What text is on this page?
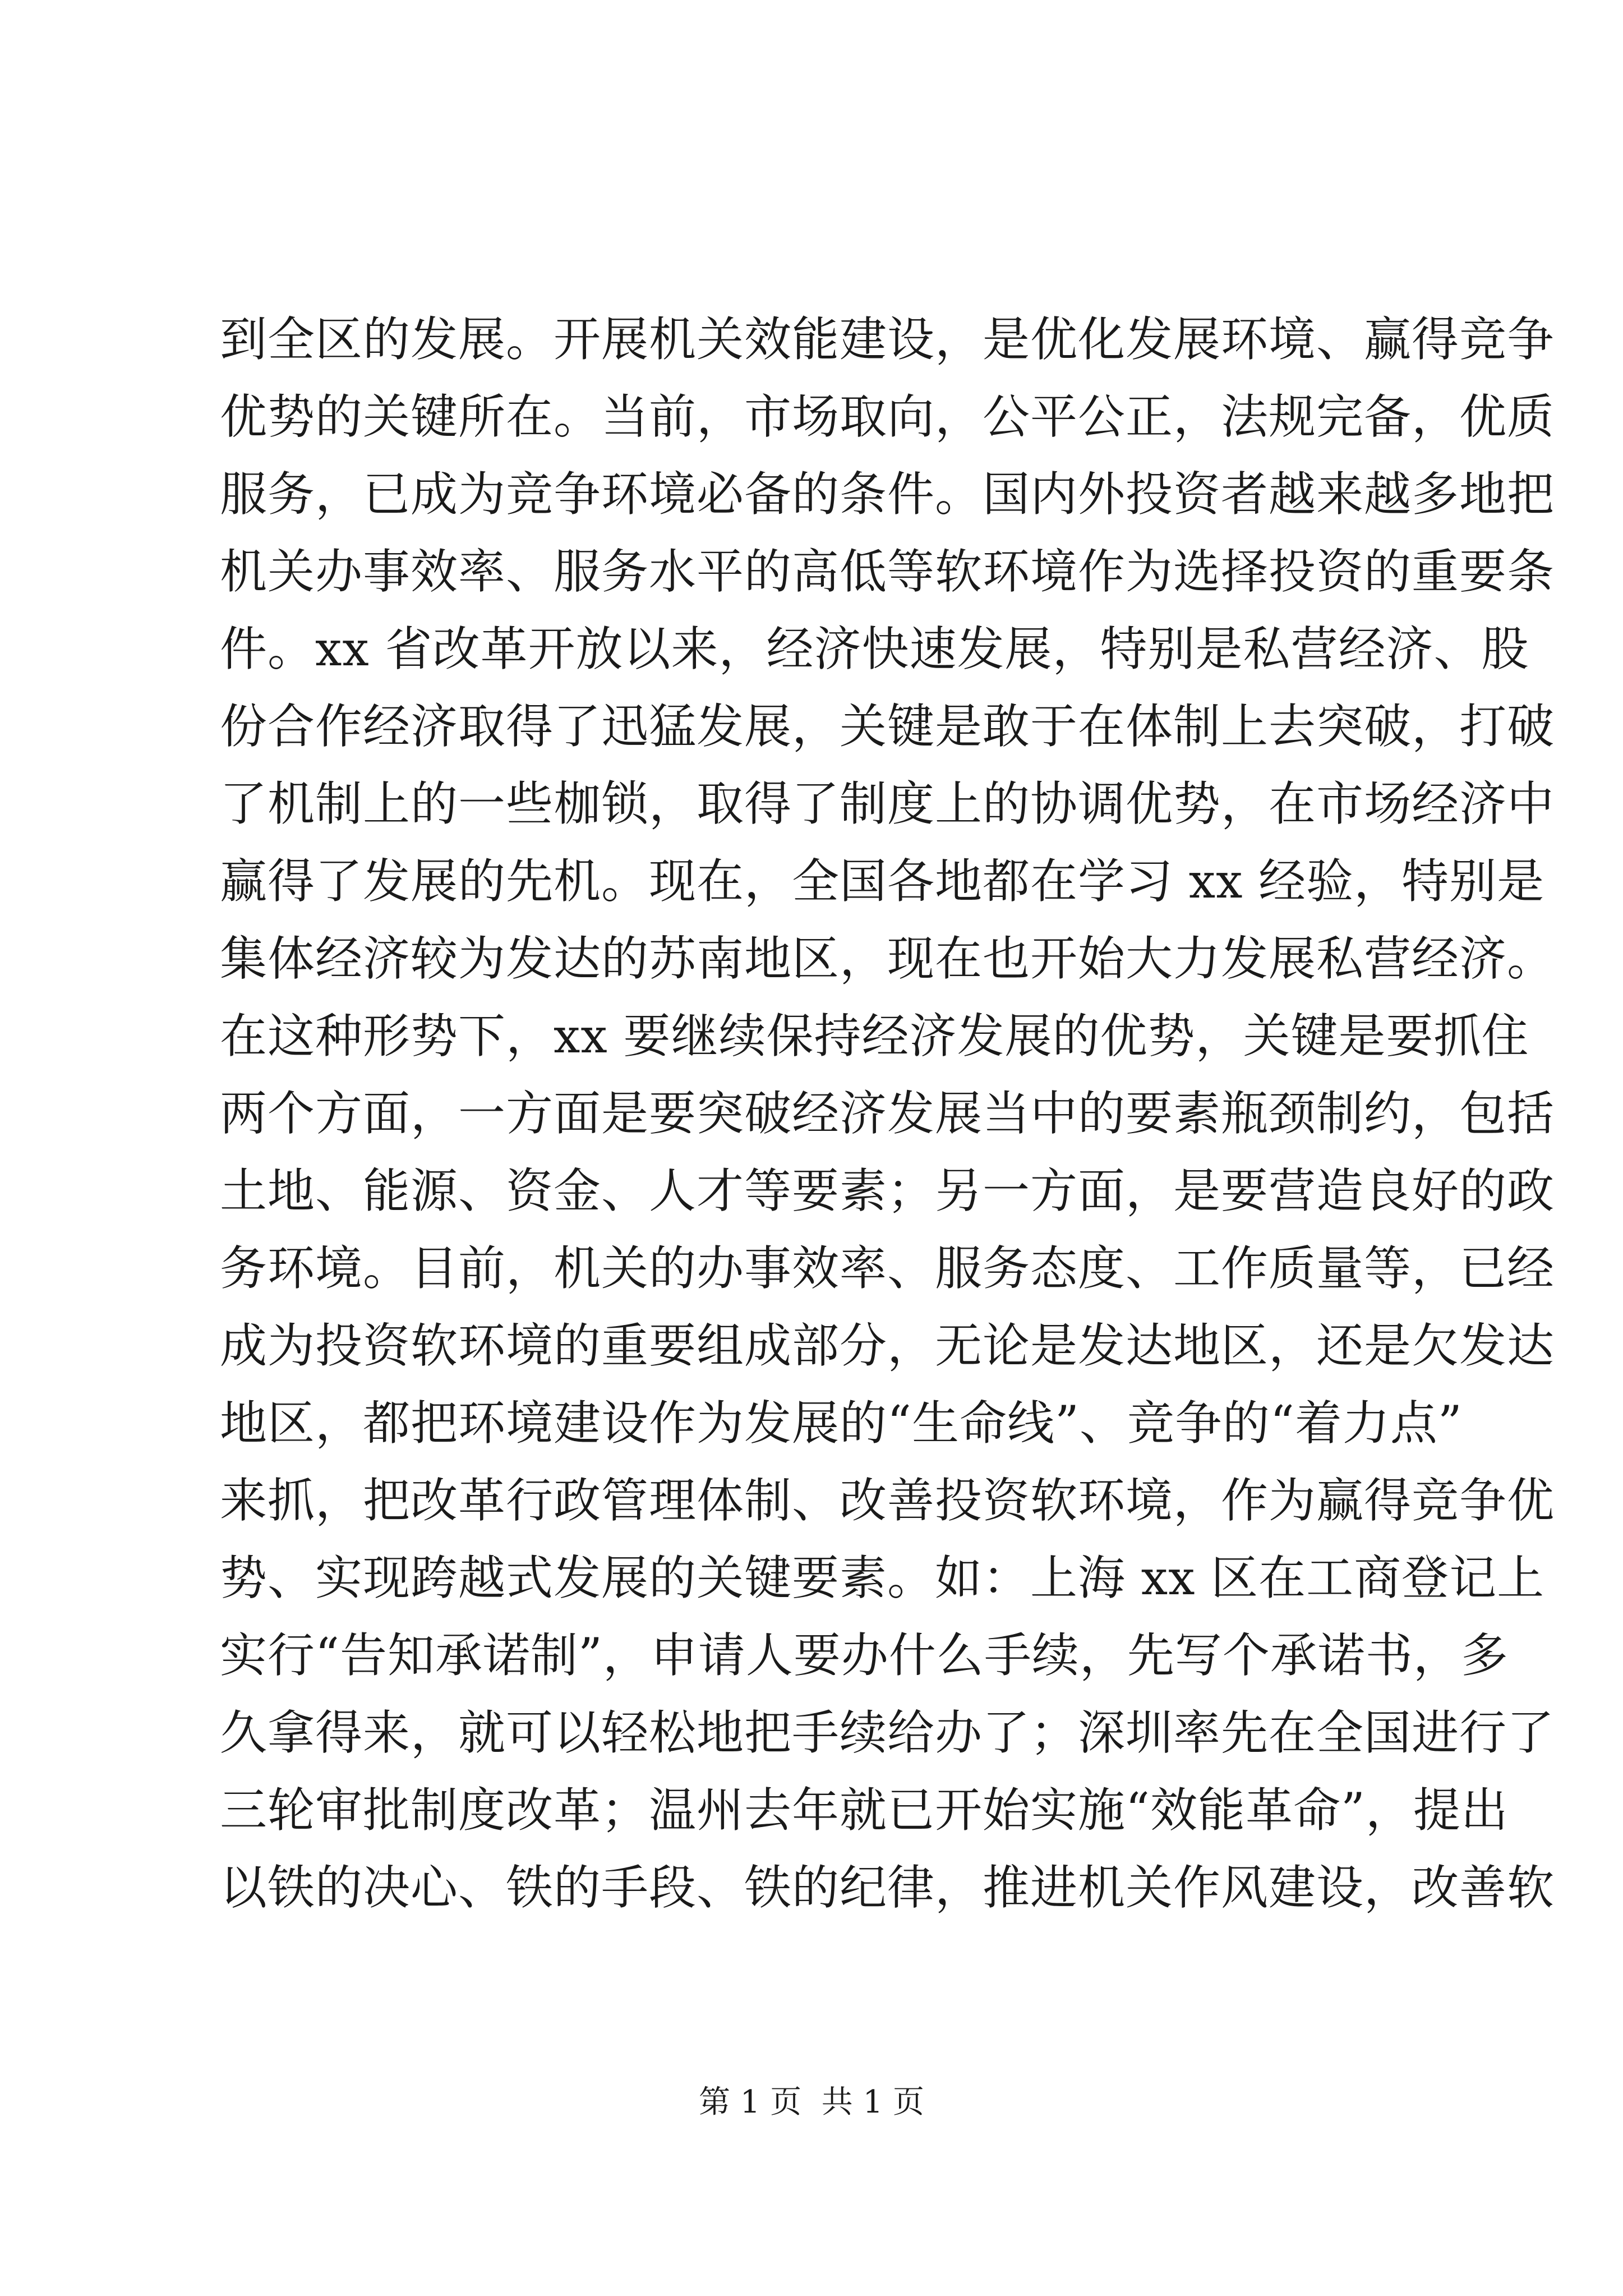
到全区的发展。开展机关效能建设，是优化发展环境、赢得竞争
优势的关键所在。当前，市场取向，公平公正，法规完备，优质
服务，已成为竞争环境必备的条件。国内外投资者越来越多地把
机关办事效率、服务水平的高低等软环境作为选择投资的重要条
件。xx 省改革开放以来，经济快速发展，特别是私营经济、股
份合作经济取得了迅猛发展，关键是敢于在体制上去突破，打破
了机制上的一些枷锁，取得了制度上的协调优势，在市场经济中
赢得了发展的先机。现在，全国各地都在学习 xx 经验，特别是
集体经济较为发达的苏南地区，现在也开始大力发展私营经济。
在这种形势下，xx 要继续保持经济发展的优势，关键是要抓住
两个方面，一方面是要突破经济发展当中的要素瓶颈制约，包括
土地、能源、资金、人才等要素；另一方面，是要营造良好的政
务环境。目前，机关的办事效率、服务态度、工作质量等，已经
成为投资软环境的重要组成部分，无论是发达地区，还是欠发达
地区，都把环境建设作为发展的“生命线”、竞争的“着力点”
来抓，把改革行政管理体制、改善投资软环境，作为赢得竞争优
势、实现跨越式发展的关键要素。如：上海 xx 区在工商登记上
实行“告知承诺制”，申请人要办什么手续，先写个承诺书，多
久拿得来，就可以轻松地把手续给办了；深圳率先在全国进行了
三轮审批制度改革；温州去年就已开始实施“效能革命”，提出
以铁的决心、铁的手段、铁的纪律，推进机关作风建设，改善软
第 1 页  共 1 页
